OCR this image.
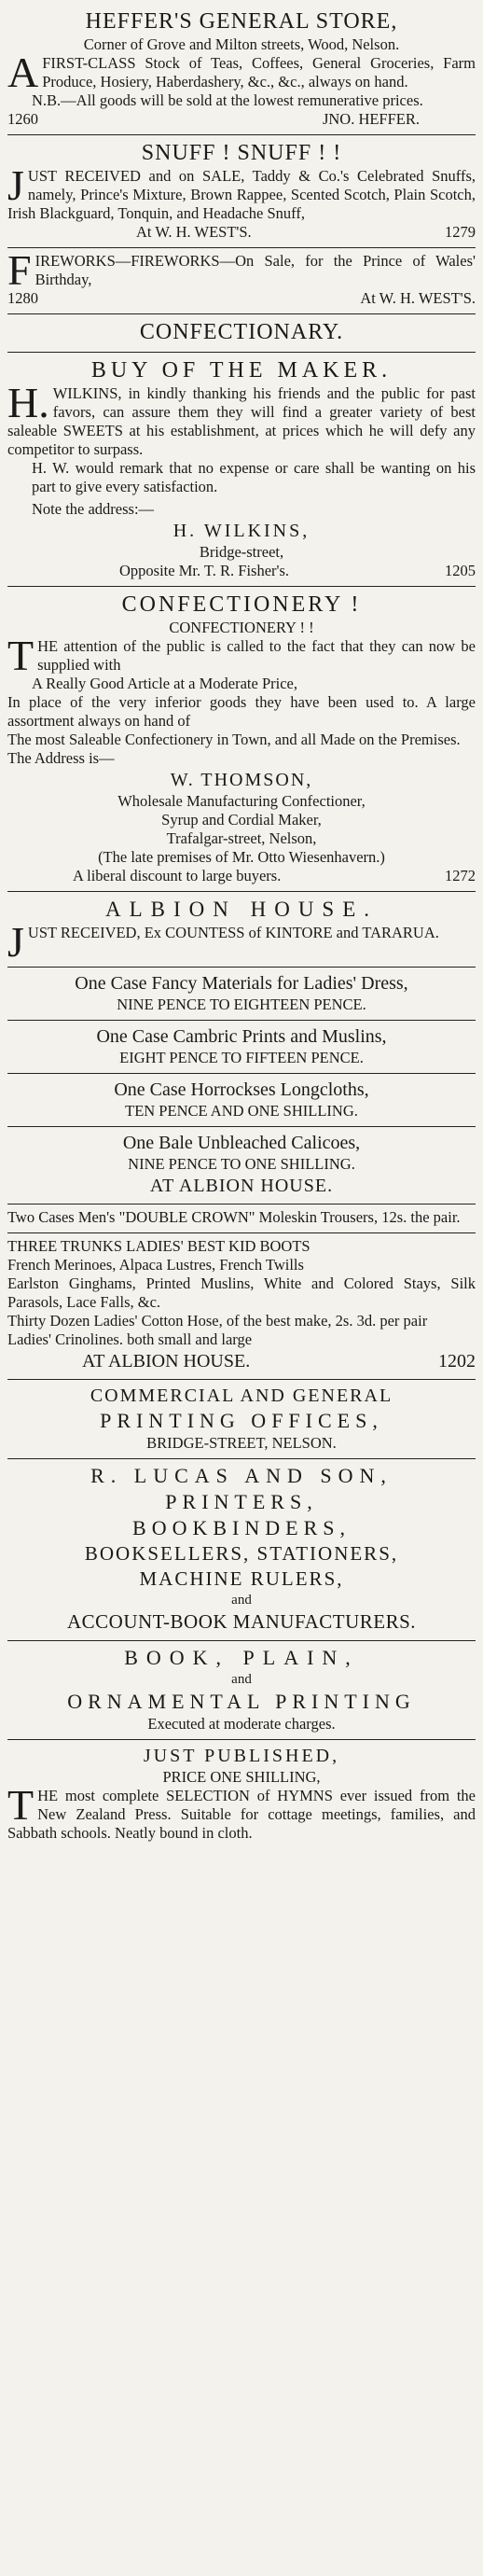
HEFFER'S GENERAL STORE,
Corner of Grove and Milton streets, Wood, Nelson.
A FIRST-CLASS Stock of Teas, Coffees, General Groceries, Farm Produce, Hosiery, Haberdashery, &c., &c., always on hand.
N.B.—All goods will be sold at the lowest remunerative prices.
1260	JNO. HEFFER.
SNUFF ! SNUFF ! !
J UST RECEIVED and on SALE, Taddy & Co.'s Celebrated Snuffs, namely, Prince's Mixture, Brown Rappee, Scented Scotch, Plain Scotch, Irish Blackguard, Tonquin, and Headache Snuff,
At W. H. WEST'S.	1279
F IREWORKS—FIREWORKS—On Sale, for the Prince of Wales' Birthday,
1280	At W. H. WEST'S.
CONFECTIONARY.
BUY OF THE MAKER.
H. WILKINS, in kindly thanking his friends and the public for past favors, can assure them they will find a greater variety of best saleable SWEETS at his establishment, at prices which he will defy any competitor to surpass.
H. W. would remark that no expense or care shall be wanting on his part to give every satisfaction.
Note the address:—
H. WILKINS,
Bridge-street,
Opposite Mr. T. R. Fisher's.	1205
CONFECTIONERY !
CONFECTIONERY ! !
T HE attention of the public is called to the fact that they can now be supplied with
A Really Good Article at a Moderate Price,
In place of the very inferior goods they have been used to. A large assortment always on hand of
The most Saleable Confectionery in Town, and all Made on the Premises.
The Address is—
W. THOMSON,
Wholesale Manufacturing Confectioner,
Syrup and Cordial Maker,
Trafalgar-street, Nelson,
(The late premises of Mr. Otto Wiesenhavern.)
A liberal discount to large buyers.	1272
ALBION HOUSE.
J UST RECEIVED, Ex COUNTESS of KINTORE and TARARUA.
One Case Fancy Materials for Ladies' Dress,
NINE PENCE TO EIGHTEEN PENCE.
One Case Cambric Prints and Muslins,
EIGHT PENCE TO FIFTEEN PENCE.
One Case Horrockses Longcloths,
TEN PENCE AND ONE SHILLING.
One Bale Unbleached Calicoes,
NINE PENCE TO ONE SHILLING.
AT ALBION HOUSE.
Two Cases Men's "DOUBLE CROWN" Moleskin Trousers, 12s. the pair.
THREE TRUNKS LADIES' BEST KID BOOTS
French Merinoes, Alpaca Lustres, French Twills
Earlston Ginghams, Printed Muslins, White and Colored Stays, Silk Parasols, Lace Falls, &c.
Thirty Dozen Ladies' Cotton Hose, of the best make, 2s. 3d. per pair
Ladies' Crinolines. both small and large
AT ALBION HOUSE.	1202
COMMERCIAL AND GENERAL
PRINTING OFFICES,
BRIDGE-STREET, NELSON.
R. LUCAS AND SON,
PRINTERS,
BOOKBINDERS,
BOOKSELLERS, STATIONERS,
MACHINE RULERS,
and
ACCOUNT-BOOK MANUFACTURERS.
BOOK, PLAIN,
and
ORNAMENTAL PRINTING
Executed at moderate charges.
JUST PUBLISHED,
PRICE ONE SHILLING,
T HE most complete SELECTION of HYMNS ever issued from the New Zealand Press. Suitable for cottage meetings, families, and Sabbath schools. Neatly bound in cloth.
